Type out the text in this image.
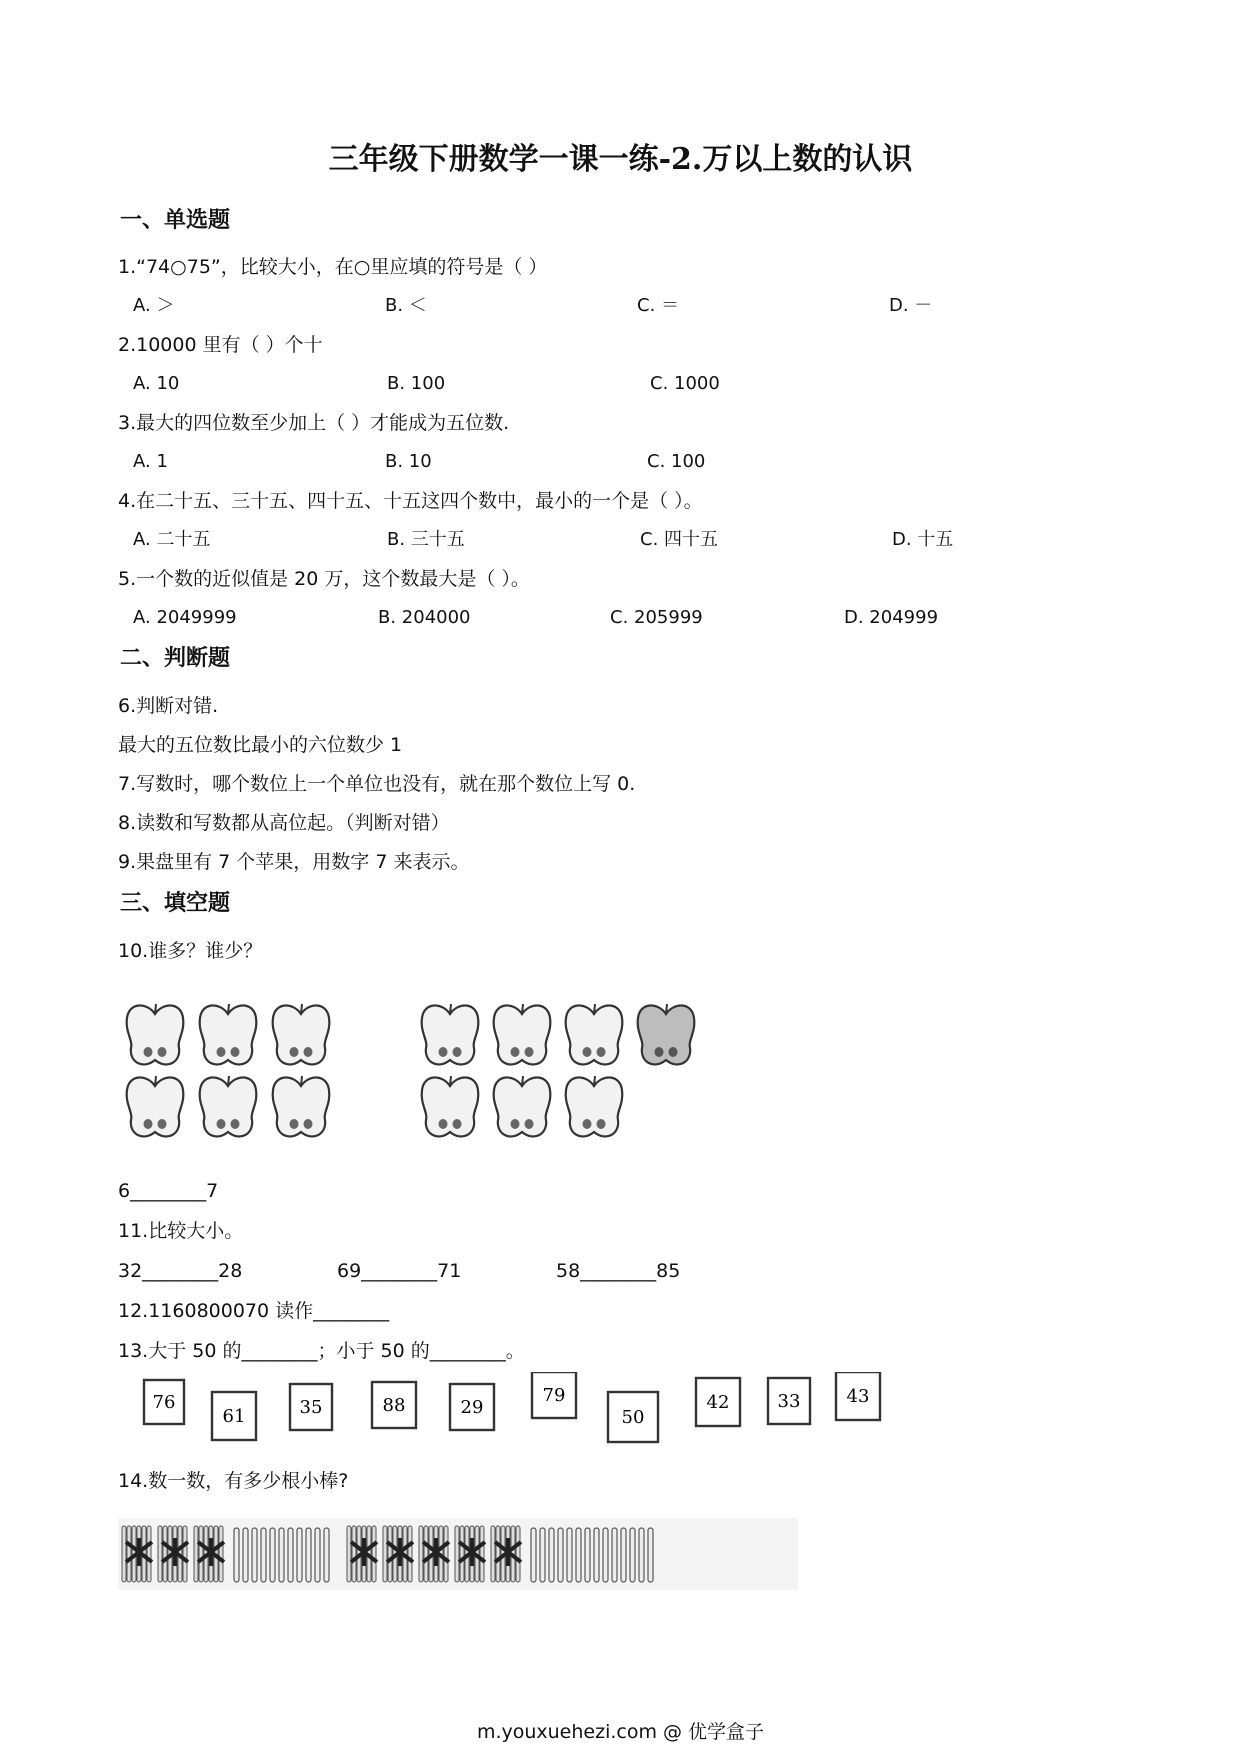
三年级下册数学一课一练-2.万以上数的认识
一、单选题
1.“74○75”，比较大小，在○里应填的符号是（ ）
A. ＞	B. ＜	C. ＝	D. －
2.10000 里有（ ）个十
A. 10	B. 100	C. 1000
3.最大的四位数至少加上（ ）才能成为五位数.
A. 1	B. 10	C. 100
4.在二十五、三十五、四十五、十五这四个数中，最小的一个是（ ）。
A. 二十五	B. 三十五	C. 四十五	D. 十五
5.一个数的近似值是 20 万，这个数最大是（ ）。
A. 2049999	B. 204000	C. 205999	D. 204999
二、判断题
6.判断对错.
最大的五位数比最小的六位数少 1
7.写数时，哪个数位上一个单位也没有，就在那个数位上写 0.
8.读数和写数都从高位起。（判断对错）
9.果盘里有 7 个苹果，用数字 7 来表示。
三、填空题
10.谁多？谁少？
6________7
11.比较大小。
32________28	69________71	58________85
12.1160800070 读作________
13.大于 50 的________；小于 50 的________。
76
61	35	88	29
79
50
42	33	43
14.数一数，有多少根小棒?
m.youxuehezi.com @ 优学盒子
